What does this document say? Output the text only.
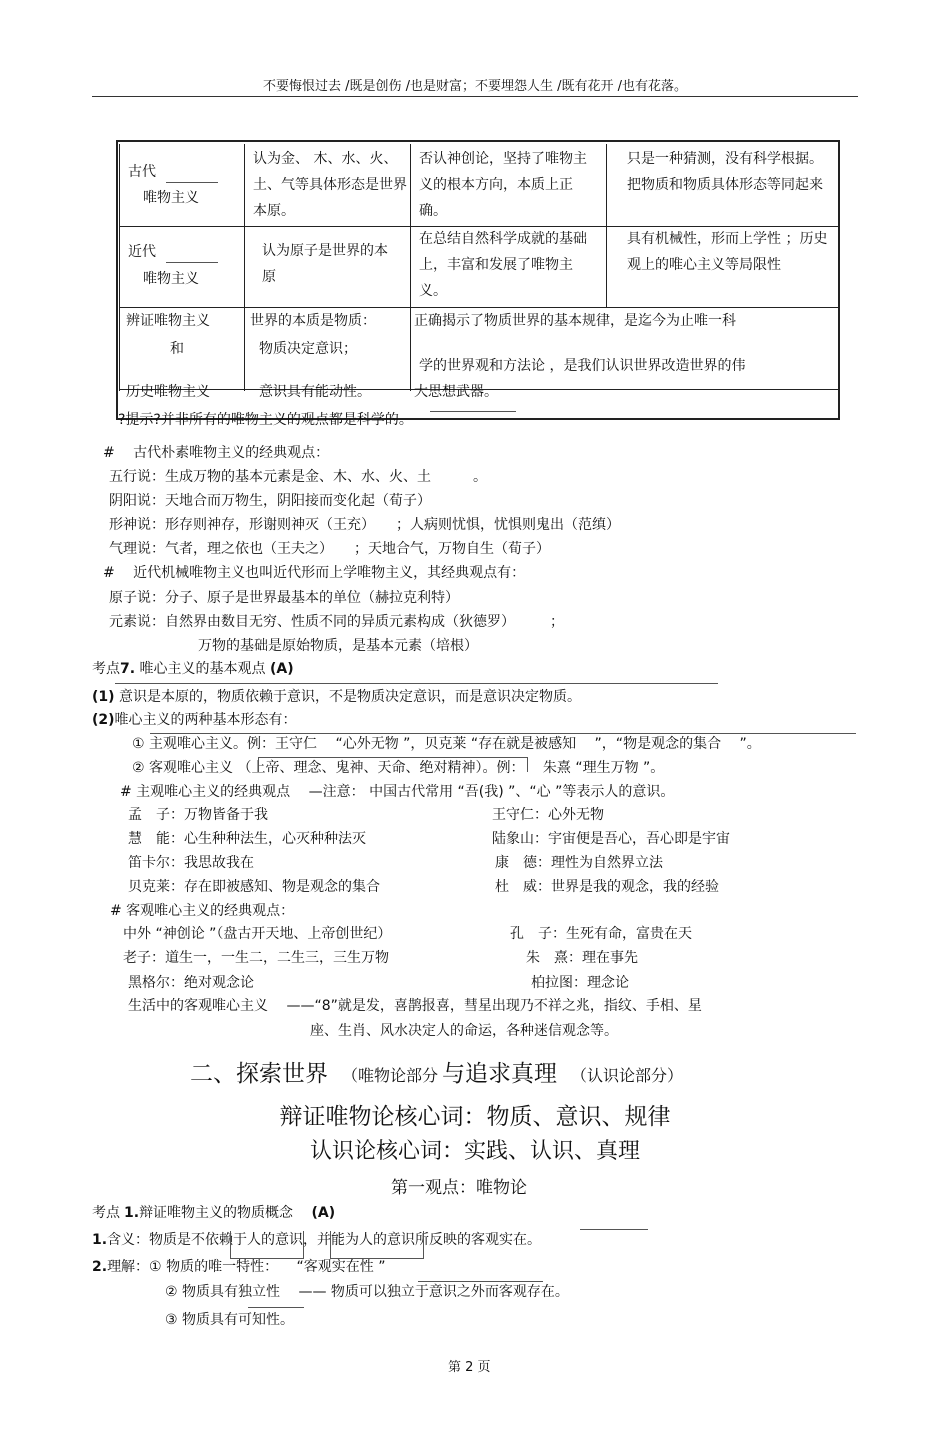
不要悔恨过去 /既是创伤 /也是财富；不要埋怨人生 /既有花开 /也有花落。
古代
唯物主义
认为金、 木、水、火、土、气等具体形态是世界本原。
否认神创论，坚持了唯物主义的根本方向，本质上正确。
只是一种猜测，没有科学根据。把物质和物质具体形态等同起来
近代
唯物主义
认为原子是世界的本原
在总结自然科学成就的基础上，丰富和发展了唯物主义。
具有机械性，形而上学性 ；历史观上的唯心主义等局限性
辨证唯物主义
和
历史唯物主义
世界的本质是物质：
物质决定意识；
意识具有能动性。
正确揭示了物质世界的基本规律，是迄今为止唯一科
学的世界观和方法论 ，是我们认识世界改造世界的伟
大思想武器。
?提示?并非所有的唯物主义的观点都是科学的。
#　 古代朴素唯物主义的经典观点：
五行说：生成万物的基本元素是金、木、水、火、土　　　。
阴阳说：天地合而万物生，阴阳接而变化起（荀子）
形神说：形存则神存，形谢则神灭（王充）　　；人病则忧惧，忧惧则鬼出（范缜）
气理说：气者，理之依也（王夫之）　　；天地合气，万物自生（荀子）
#　 近代机械唯物主义也叫近代形而上学唯物主义，其经典观点有：
原子说：分子、原子是世界最基本的单位（赫拉克利特）
元素说：自然界由数目无穷、性质不同的异质元素构成（狄德罗）　　　；
万物的基础是原始物质，是基本元素（培根）
考点7. 唯心主义的基本观点 (A)
(1) 意识是本原的，物质依赖于意识，不是物质决定意识，而是意识决定物质。
(2)唯心主义的两种基本形态有：
① 主观唯心主义。例：王守仁 　“心外无物 ”，贝克莱 “存在就是被感知 　”，“物是观念的集合 　”。
② 客观唯心主义 （上帝、理念、鬼神、天命、绝对精神）。例： 　朱熹 “理生万物 ”。
# 主观唯心主义的经典观点 　—注意： 中国古代常用 “吾(我) ”、“心 ”等表示人的意识。
孟　子：万物皆备于我
慧　能：心生种种法生，心灭种种法灭
笛卡尔：我思故我在
贝克莱：存在即被感知、物是观念的集合
王守仁：心外无物
陆象山：宇宙便是吾心，吾心即是宇宙
康　德：理性为自然界立法
杜　威：世界是我的观念，我的经验
# 客观唯心主义的经典观点：
中外 “神创论 ”（盘古开天地、上帝创世纪）
老子：道生一，一生二，二生三，三生万物
黑格尔：绝对观念论
孔　子：生死有命，富贵在天
朱　熹：理在事先
柏拉图：理念论
生活中的客观唯心主义 　——“8”就是发，喜鹊报喜，彗星出现乃不祥之兆，指纹、手相、星
座、生肖、风水决定人的命运，各种迷信观念等。
二、探索世界 （唯物论部分 与追求真理 （认识论部分）
辩证唯物论核心词：物质、意识、规律
认识论核心词：实践、认识、真理
第一观点：唯物论
考点 1.辩证唯物主义的物质概念 (A)
1.含义：物质是不依赖于人的意识，并能为人的意识所反映的客观实在。
2.理解：① 物质的唯一特性： 　“客观实在性 ”
② 物质具有独立性 　—— 物质可以独立于意识之外而客观存在。
③ 物质具有可知性。
第 2 页
